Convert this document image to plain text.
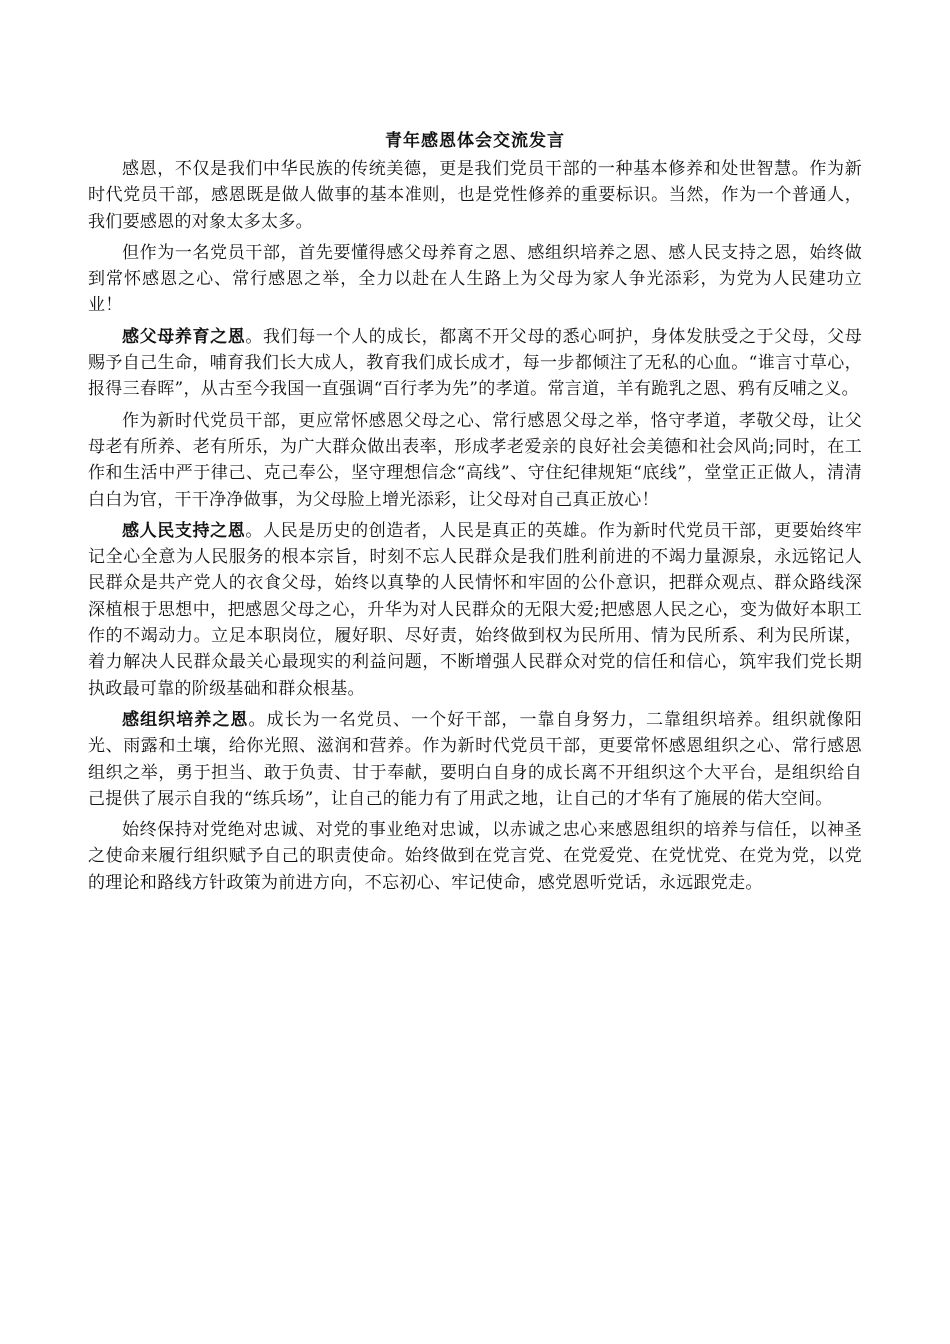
青年感恩体会交流发言

感恩，不仅是我们中华民族的传统美德，更是我们党员干部的一种基本修养和处世智慧。作为新时代党员干部，感恩既是做人做事的基本准则，也是党性修养的重要标识。当然，作为一个普通人，我们要感恩的对象太多太多。

但作为一名党员干部，首先要懂得感父母养育之恩、感组织培养之恩、感人民支持之恩，始终做到常怀感恩之心、常行感恩之举，全力以赴在人生路上为父母为家人争光添彩，为党为人民建功立业！

感父母养育之恩。我们每一个人的成长，都离不开父母的悉心呵护，身体发肤受之于父母，父母赐予自己生命，哺育我们长大成人，教育我们成长成才，每一步都倾注了无私的心血。“谁言寸草心，报得三春晖”，从古至今我国一直强调“百行孝为先”的孝道。常言道，羊有跪乳之恩、鸦有反哺之义。

作为新时代党员干部，更应常怀感恩父母之心、常行感恩父母之举，恪守孝道，孝敬父母，让父母老有所养、老有所乐，为广大群众做出表率，形成孝老爱亲的良好社会美德和社会风尚;同时，在工作和生活中严于律己、克己奉公，坚守理想信念“高线”、守住纪律规矩“底线”，堂堂正正做人，清清白白为官，干干净净做事，为父母脸上增光添彩，让父母对自己真正放心！

感人民支持之恩。人民是历史的创造者，人民是真正的英雄。作为新时代党员干部，更要始终牢记全心全意为人民服务的根本宗旨，时刻不忘人民群众是我们胜利前进的不竭力量源泉，永远铭记人民群众是共产党人的衣食父母，始终以真挚的人民情怀和牢固的公仆意识，把群众观点、群众路线深深植根于思想中，把感恩父母之心，升华为对人民群众的无限大爱;把感恩人民之心，变为做好本职工作的不竭动力。立足本职岗位，履好职、尽好责，始终做到权为民所用、情为民所系、利为民所谋，着力解决人民群众最关心最现实的利益问题，不断增强人民群众对党的信任和信心，筑牢我们党长期执政最可靠的阶级基础和群众根基。

感组织培养之恩。成长为一名党员、一个好干部，一靠自身努力，二靠组织培养。组织就像阳光、雨露和土壤，给你光照、滋润和营养。作为新时代党员干部，更要常怀感恩组织之心、常行感恩组织之举，勇于担当、敢于负责、甘于奉献，要明白自身的成长离不开组织这个大平台，是组织给自己提供了展示自我的“练兵场”，让自己的能力有了用武之地，让自己的才华有了施展的偌大空间。

始终保持对党绝对忠诚、对党的事业绝对忠诚，以赤诚之忠心来感恩组织的培养与信任，以神圣之使命来履行组织赋予自己的职责使命。始终做到在党言党、在党爱党、在党忧党、在党为党，以党的理论和路线方针政策为前进方向，不忘初心、牢记使命，感党恩听党话，永远跟党走。
